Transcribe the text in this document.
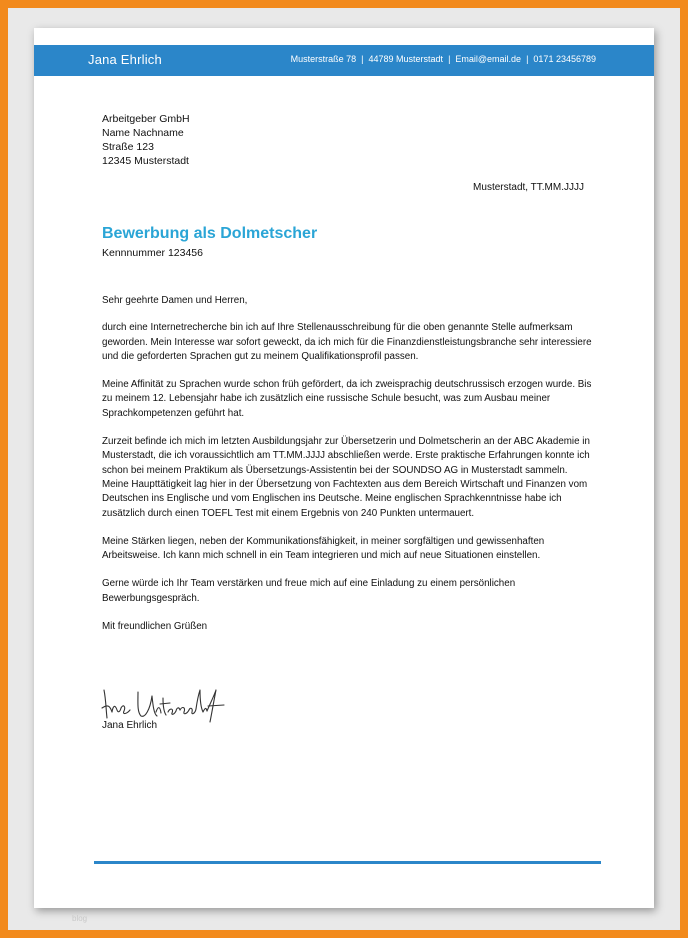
Jana Ehrlich	Musterstraße 78 | 44789 Musterstadt | Email@email.de | 0171 23456789
Arbeitgeber GmbH
Name Nachname
Straße 123
12345 Musterstadt
Musterstadt, TT.MM.JJJJ
Bewerbung als Dolmetscher
Kennnummer 123456

Sehr geehrte Damen und Herren,

durch eine Internetrecherche bin ich auf Ihre Stellenausschreibung für die oben genannte Stelle aufmerksam geworden. Mein Interesse war sofort geweckt, da ich mich für die Finanzdienstleistungsbranche sehr interessiere und die geforderten Sprachen gut zu meinem Qualifikationsprofil passen.

Meine Affinität zu Sprachen wurde schon früh gefördert, da ich zweisprachig deutschrussisch erzogen wurde. Bis zu meinem 12. Lebensjahr habe ich zusätzlich eine russische Schule besucht, was zum Ausbau meiner Sprachkompetenzen geführt hat.

Zurzeit befinde ich mich im letzten Ausbildungsjahr zur Übersetzerin und Dolmetscherin an der ABC Akademie in Musterstadt, die ich voraussichtlich am TT.MM.JJJJ abschließen werde. Erste praktische Erfahrungen konnte ich schon bei meinem Praktikum als Übersetzungs-Assistentin bei der SOUNDSO AG in Musterstadt sammeln. Meine Haupttätigkeit lag hier in der Übersetzung von Fachtexten aus dem Bereich Wirtschaft und Finanzen vom Deutschen ins Englische und vom Englischen ins Deutsche. Meine englischen Sprachkenntnisse habe ich zusätzlich durch einen TOEFL Test mit einem Ergebnis von 240 Punkten untermauert.

Meine Stärken liegen, neben der Kommunikationsfähigkeit, in meiner sorgfältigen und gewissenhaften Arbeitsweise. Ich kann mich schnell in ein Team integrieren und mich auf neue Situationen einstellen.

Gerne würde ich Ihr Team verstärken und freue mich auf eine Einladung zu einem persönlichen Bewerbungsgespräch.

Mit freundlichen Grüßen

Jana Ehrlich
blog
